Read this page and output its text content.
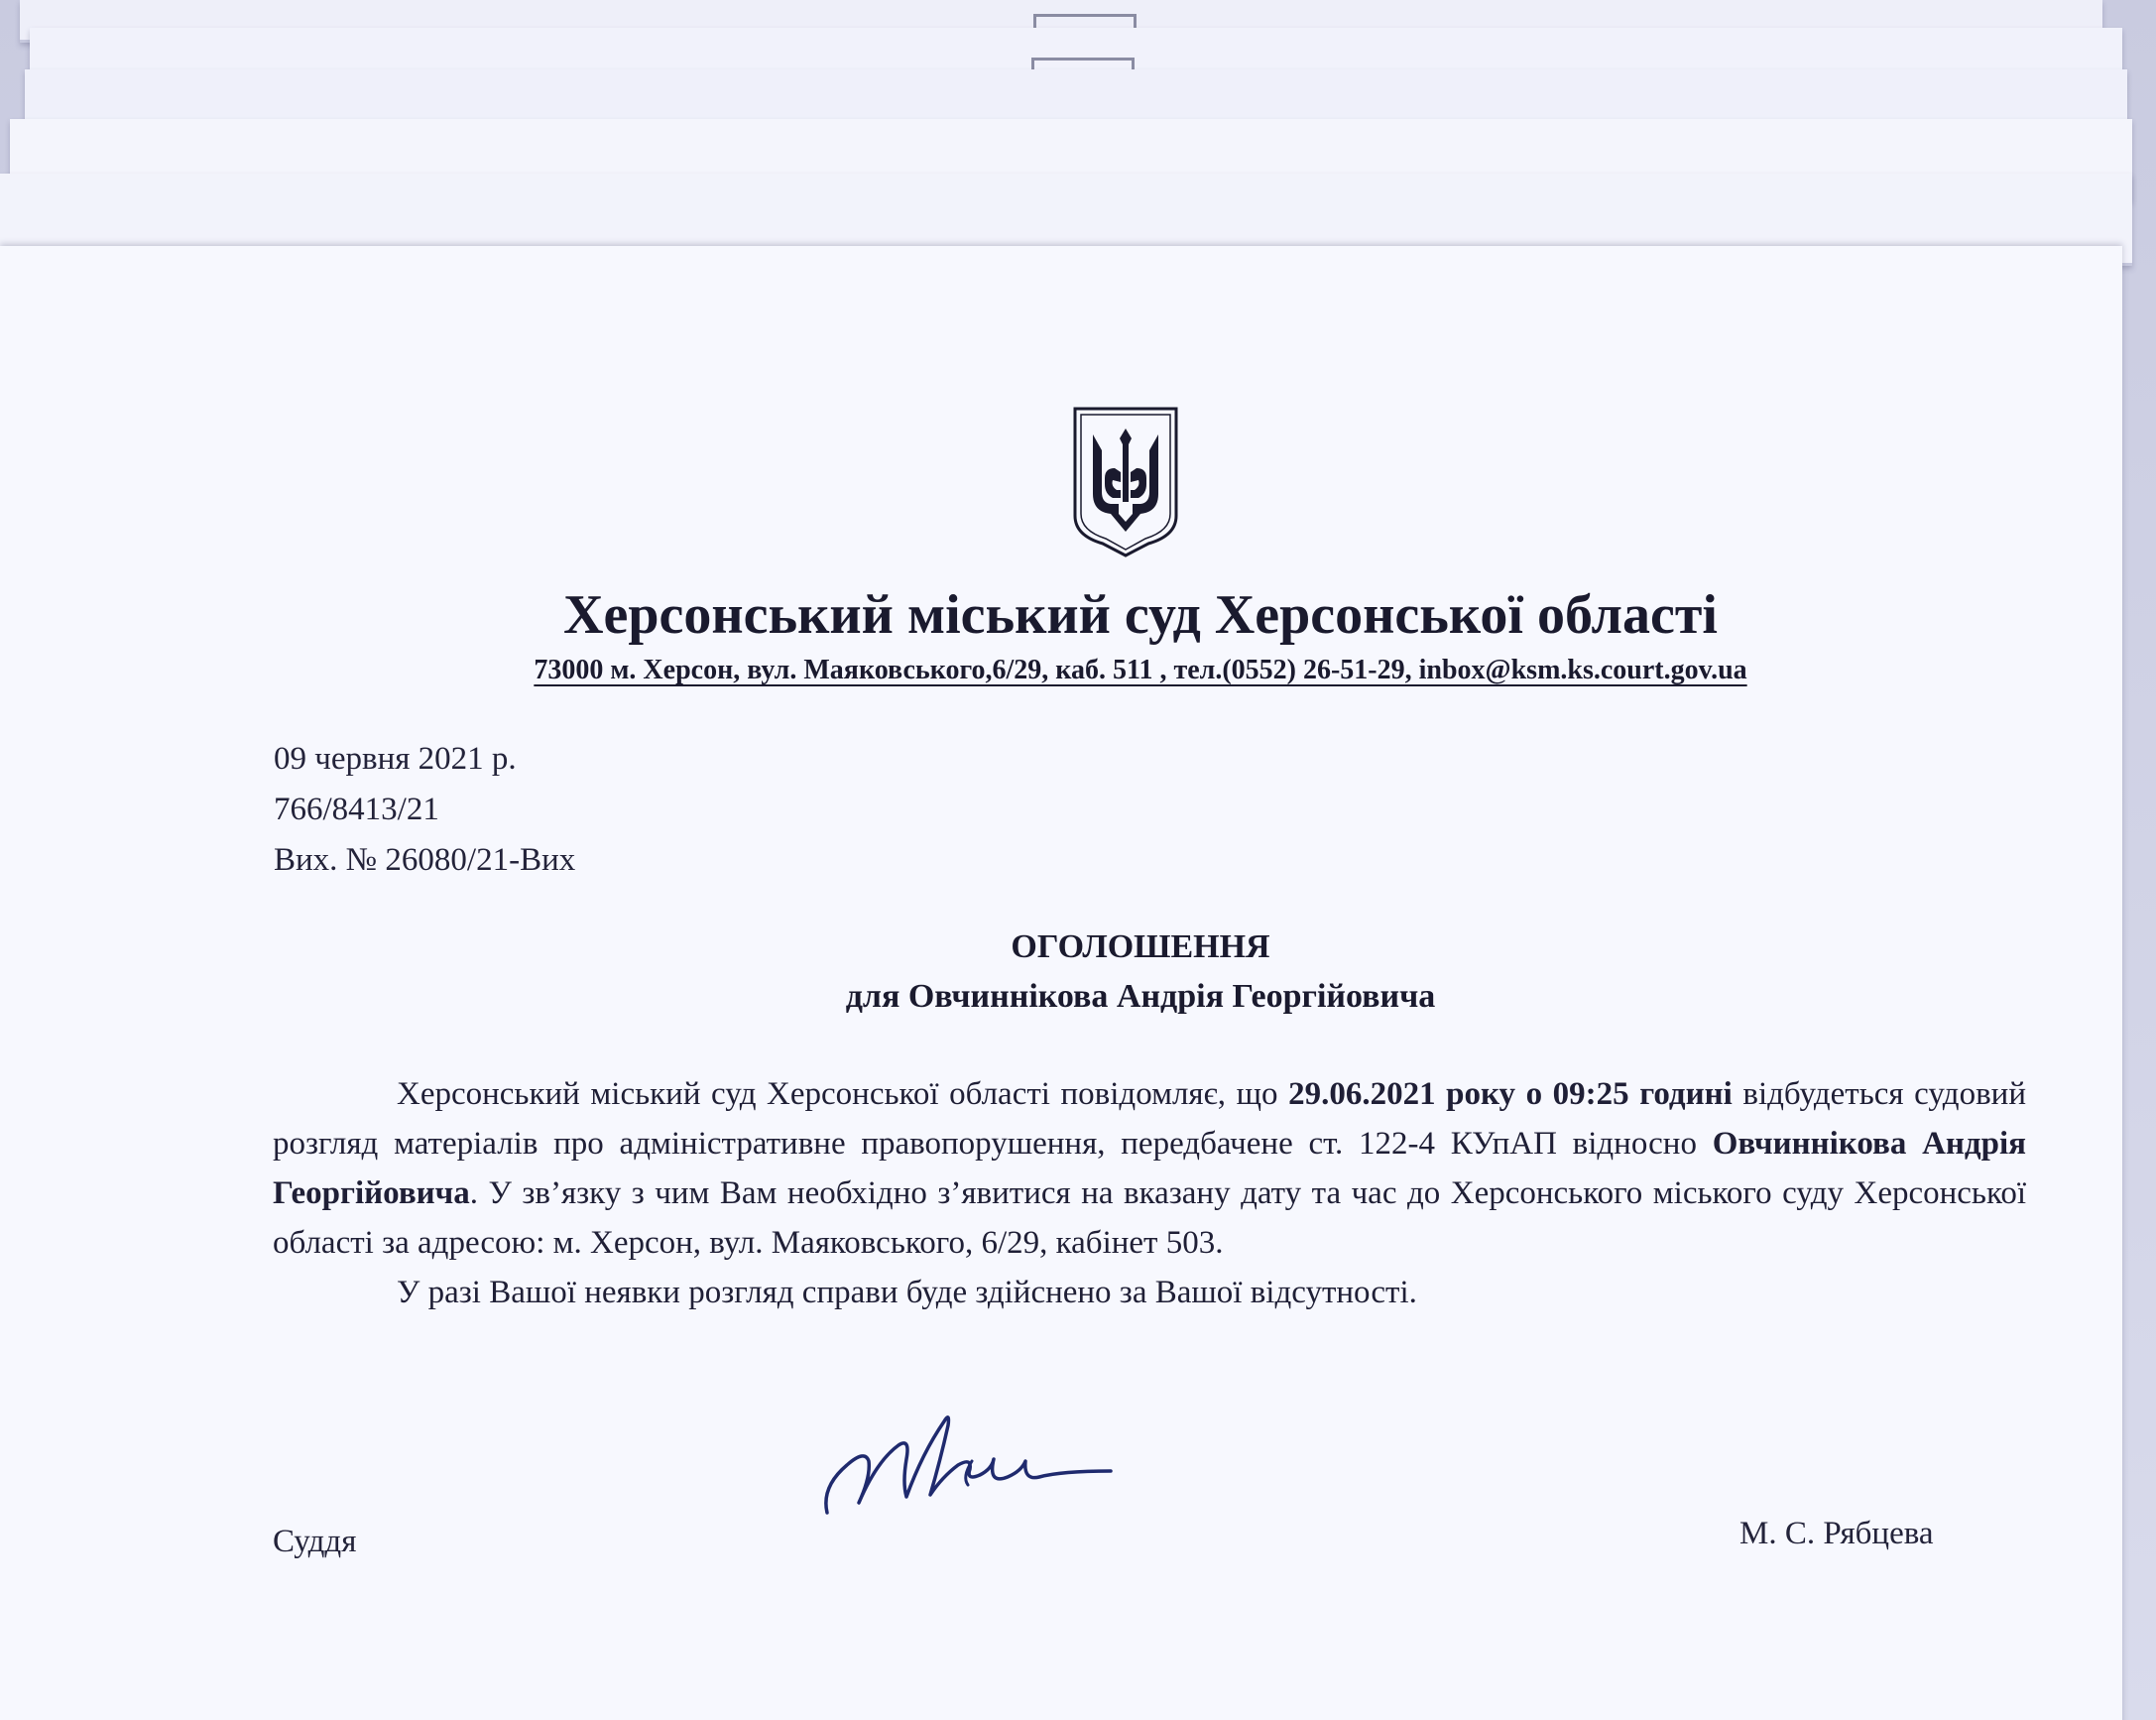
Херсонський міський суд Херсонської області
73000 м. Херсон, вул. Маяковського,6/29, каб. 511 , тел.(0552) 26-51-29, inbox@ksm.ks.court.gov.ua
09 червня 2021 р.
766/8413/21
Вих. № 26080/21-Вих
ОГОЛОШЕННЯ
для Овчиннікова Андрія Георгійовича

Херсонський міський суд Херсонської області повідомляє, що 29.06.2021 року о 09:25 годині відбудеться судовий розгляд матеріалів про адміністративне правопорушення, передбачене ст. 122-4 КУпАП відносно Овчиннікова Андрія Георгійовича. У зв’язку з чим Вам необхідно з’явитися на вказану дату та час до Херсонського міського суду Херсонської області за адресою: м. Херсон, вул. Маяковського, 6/29, кабінет 503.

У разі Вашої неявки розгляд справи буде здійснено за Вашої відсутності.

Суддя	М. С. Рябцева
